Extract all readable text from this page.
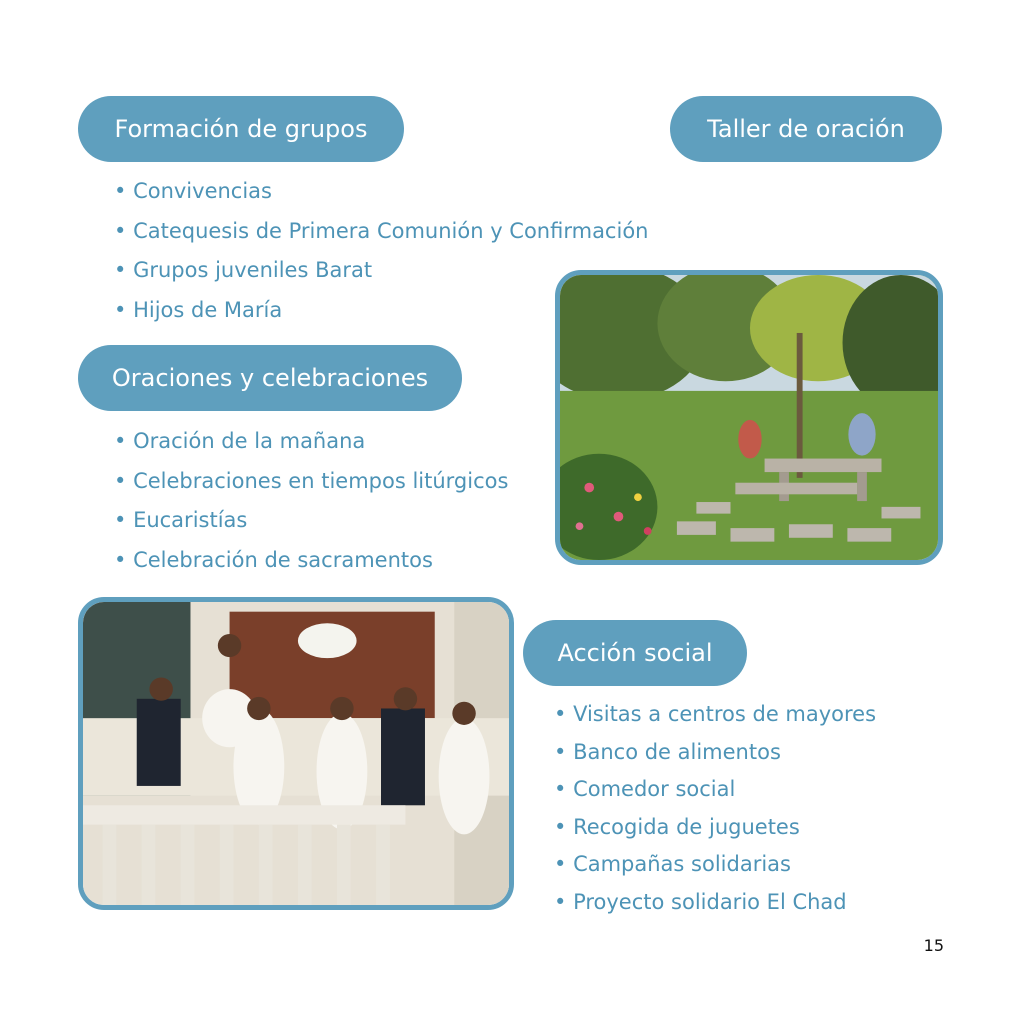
Formación de grupos
• Convivencias
• Catequesis de Primera Comunión y Confirmación
• Grupos juveniles Barat
• Hijos de María
Taller de oración
Oraciones y celebraciones
• Oración de la mañana
• Celebraciones en tiempos litúrgicos
• Eucaristías
• Celebración de sacramentos
Acción social
• Visitas a centros de mayores
• Banco de alimentos
• Comedor social
• Recogida de juguetes
• Campañas solidarias
• Proyecto solidario El Chad
15
